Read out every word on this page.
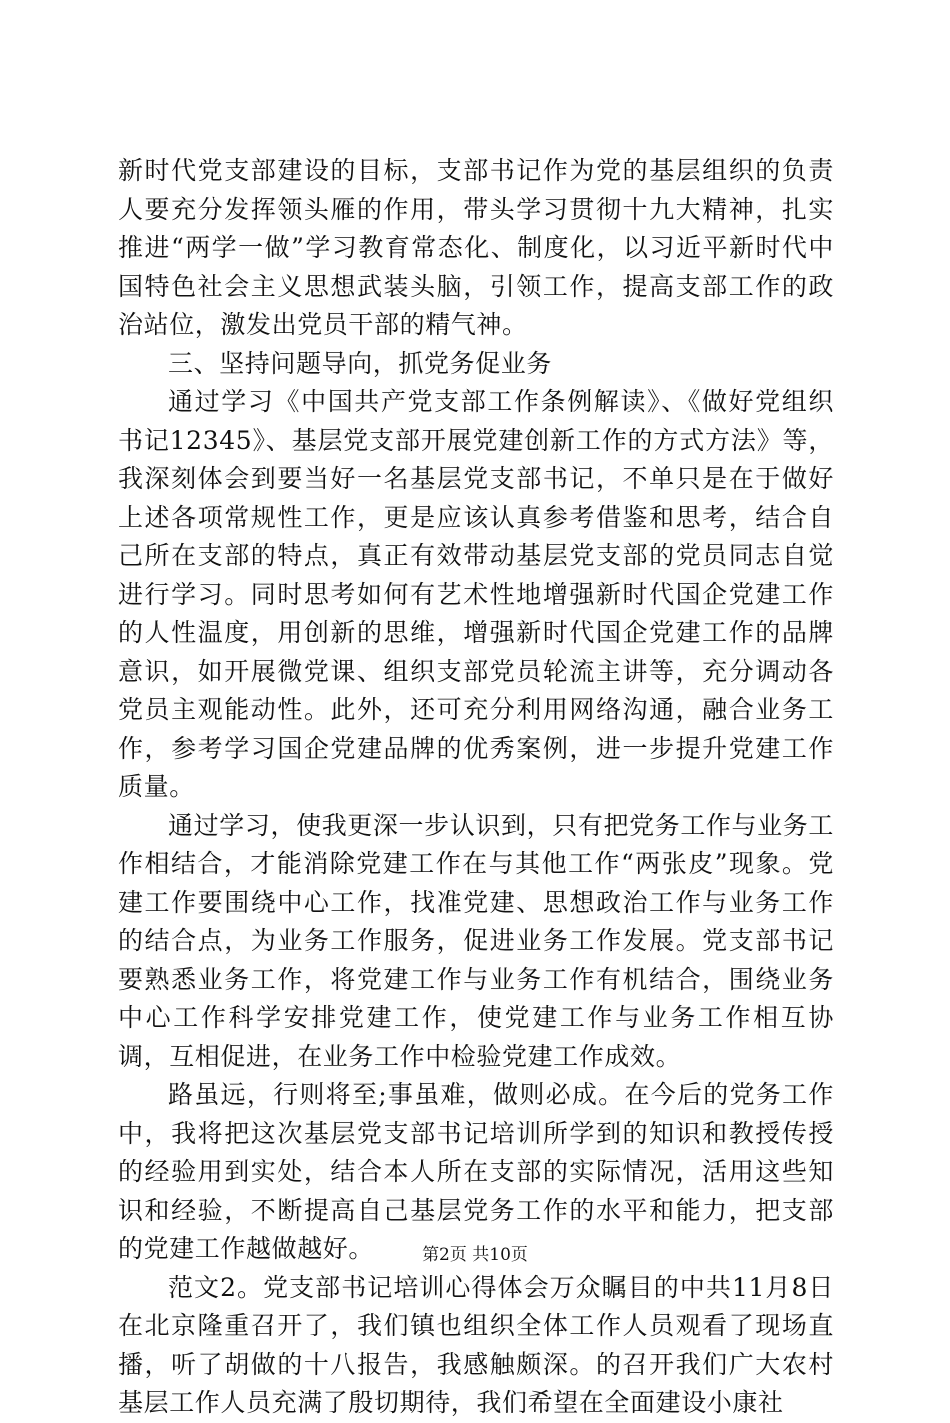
新时代党支部建设的目标，支部书记作为党的基层组织的负责人要充分发挥领头雁的作用，带头学习贯彻十九大精神，扎实推进“两学一做”学习教育常态化、制度化，以习近平新时代中国特色社会主义思想武装头脑，引领工作，提高支部工作的政治站位，激发出党员干部的精气神。

三、坚持问题导向，抓党务促业务

通过学习《中国共产党支部工作条例解读》、《做好党组织书记12345》、基层党支部开展党建创新工作的方式方法》等，我深刻体会到要当好一名基层党支部书记，不单只是在于做好上述各项常规性工作，更是应该认真参考借鉴和思考，结合自己所在支部的特点，真正有效带动基层党支部的党员同志自觉进行学习。同时思考如何有艺术性地增强新时代国企党建工作的人性温度，用创新的思维，增强新时代国企党建工作的品牌意识，如开展微党课、组织支部党员轮流主讲等，充分调动各党员主观能动性。此外，还可充分利用网络沟通，融合业务工作，参考学习国企党建品牌的优秀案例，进一步提升党建工作质量。

通过学习，使我更深一步认识到，只有把党务工作与业务工作相结合，才能消除党建工作在与其他工作“两张皮”现象。党建工作要围绕中心工作，找准党建、思想政治工作与业务工作的结合点，为业务工作服务，促进业务工作发展。党支部书记要熟悉业务工作，将党建工作与业务工作有机结合，围绕业务中心工作科学安排党建工作，使党建工作与业务工作相互协调，互相促进，在业务工作中检验党建工作成效。

路虽远，行则将至;事虽难，做则必成。在今后的党务工作中，我将把这次基层党支部书记培训所学到的知识和教授传授的经验用到实处，结合本人所在支部的实际情况，活用这些知识和经验，不断提高自己基层党务工作的水平和能力，把支部的党建工作越做越好。

范文2。党支部书记培训心得体会万众瞩目的中共11月8日在北京隆重召开了，我们镇也组织全体工作人员观看了现场直播，听了胡做的十八报告，我感触颇深。的召开我们广大农村基层工作人员充满了殷切期待，我们希望在全面建设小康社

第2页 共10页
